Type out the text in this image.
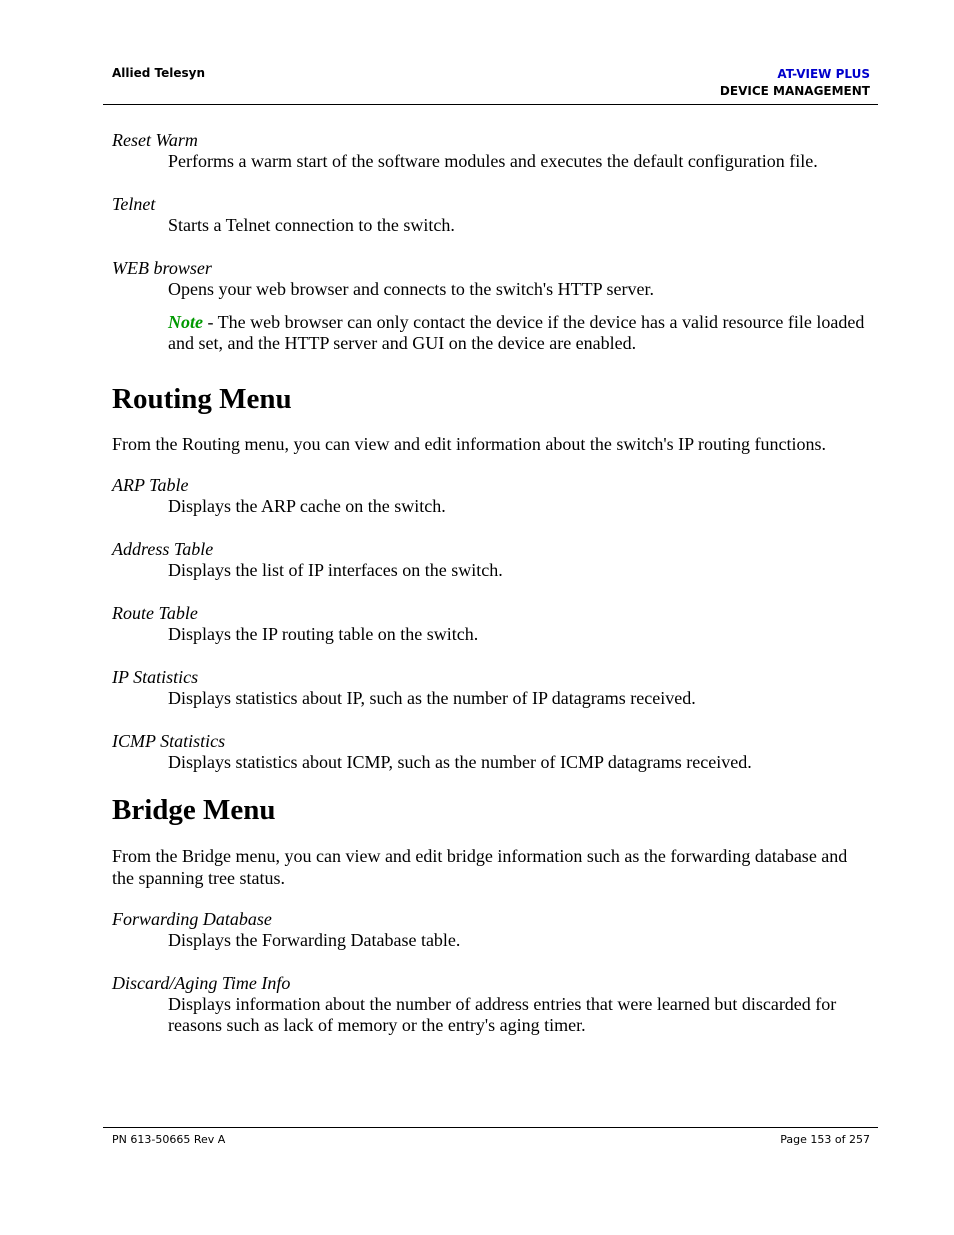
Allied Telesyn	AT-VIEW PLUS
DEVICE MANAGEMENT
Reset Warm
Performs a warm start of the software modules and executes the default configuration file.
Telnet
Starts a Telnet connection to the switch.
WEB browser
Opens your web browser and connects to the switch's HTTP server.
Note - The web browser can only contact the device if the device has a valid resource file loaded and set, and the HTTP server and GUI on the device are enabled.
Routing Menu
From the Routing menu, you can view and edit information about the switch's IP routing functions.
ARP Table
Displays the ARP cache on the switch.
Address Table
Displays the list of IP interfaces on the switch.
Route Table
Displays the IP routing table on the switch.
IP Statistics
Displays statistics about IP, such as the number of IP datagrams received.
ICMP Statistics
Displays statistics about ICMP, such as the number of ICMP datagrams received.
Bridge Menu
From the Bridge menu, you can view and edit bridge information such as the forwarding database and the spanning tree status.
Forwarding Database
Displays the Forwarding Database table.
Discard/Aging Time Info
Displays information about the number of address entries that were learned but discarded for reasons such as lack of memory or the entry's aging timer.
PN 613-50665 Rev A	Page 153 of 257
